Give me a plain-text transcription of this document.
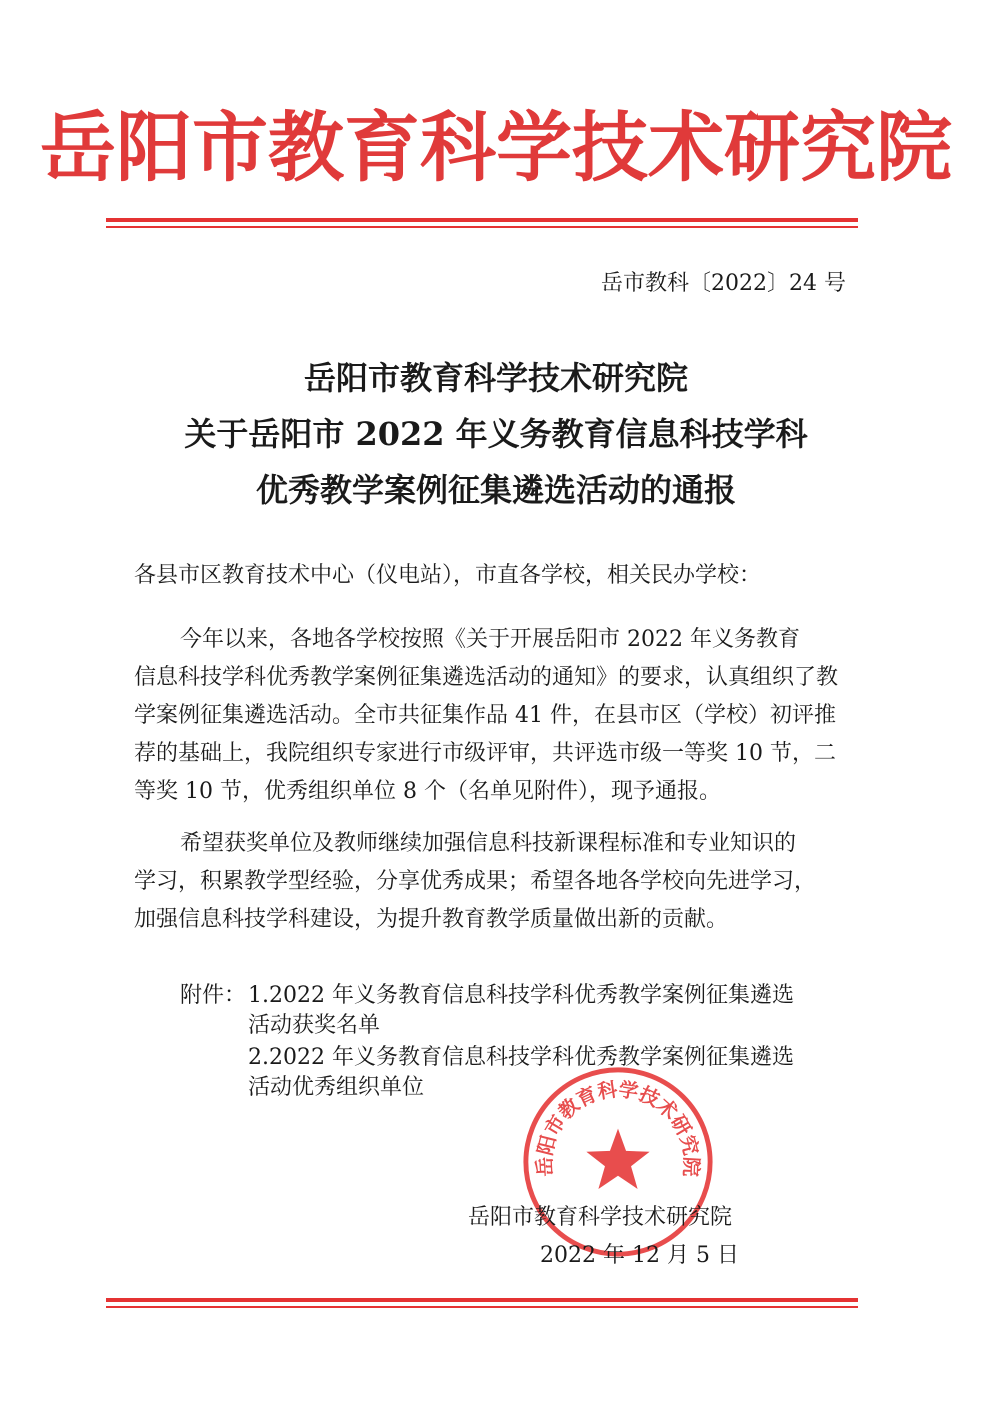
岳阳市教育科学技术研究院
岳市教科〔2022〕24 号
岳阳市教育科学技术研究院
关于岳阳市 2022 年义务教育信息科技学科
优秀教学案例征集遴选活动的通报
各县市区教育技术中心（仪电站），市直各学校，相关民办学校：
今年以来，各地各学校按照《关于开展岳阳市 2022 年义务教育
信息科技学科优秀教学案例征集遴选活动的通知》的要求，认真组织了教
学案例征集遴选活动。全市共征集作品 41 件，在县市区（学校）初评推
荐的基础上，我院组织专家进行市级评审，共评选市级一等奖 10 节，二
等奖 10 节，优秀组织单位 8 个（名单见附件），现予通报。
希望获奖单位及教师继续加强信息科技新课程标准和专业知识的
学习，积累教学型经验，分享优秀成果；希望各地各学校向先进学习，
加强信息科技学科建设，为提升教育教学质量做出新的贡献。
附件： 1.2022 年义务教育信息科技学科优秀教学案例征集遴选
活动获奖名单
2.2022 年义务教育信息科技学科优秀教学案例征集遴选
活动优秀组织单位
岳阳市教育科学技术研究院
岳阳市教育科学技术研究院
2022 年 12 月 5 日
